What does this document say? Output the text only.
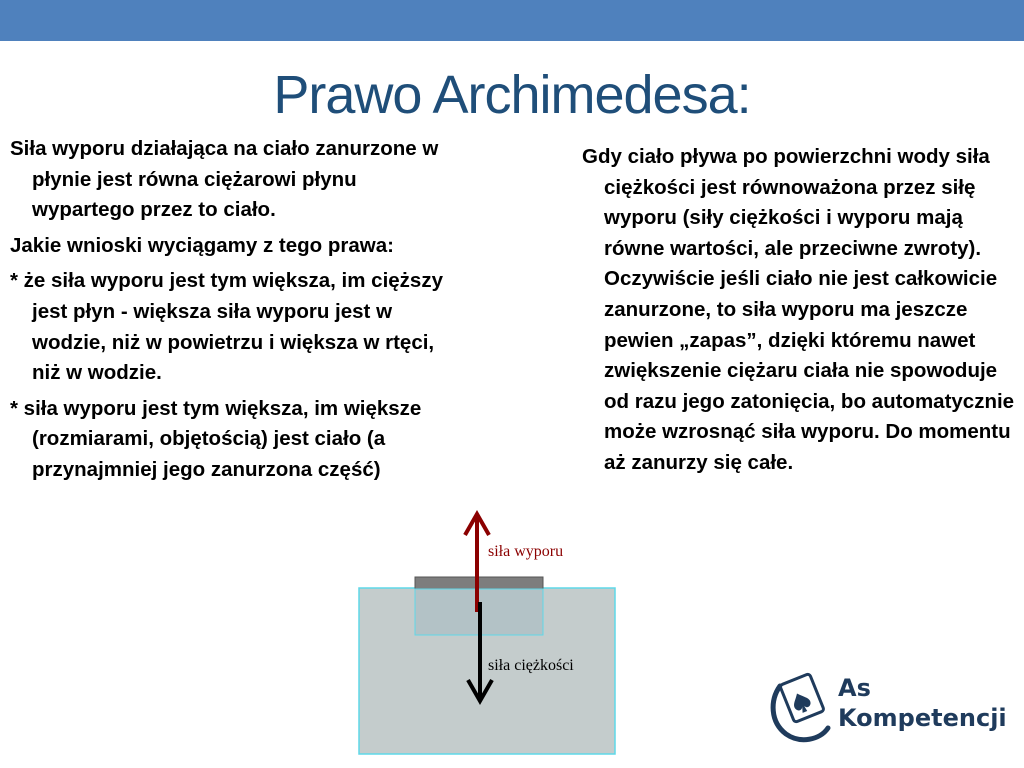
Prawo Archimedesa:

Siła wyporu działająca na ciało zanurzone w płynie jest równa ciężarowi płynu wypartego przez to ciało.

Jakie wnioski wyciągamy z tego prawa:

* że siła wyporu jest tym większa, im cięższy jest płyn - większa siła wyporu jest w wodzie, niż w powietrzu i większa w rtęci, niż w wodzie.

* siła wyporu jest tym większa, im większe (rozmiarami, objętością) jest ciało (a przynajmniej jego zanurzona część)

Gdy ciało pływa po powierzchni wody siła ciężkości jest równoważona przez siłę wyporu (siły ciężkości i wyporu mają równe wartości, ale przeciwne zwroty). Oczywiście jeśli ciało nie jest całkowicie zanurzone, to siła wyporu ma jeszcze pewien „zapas”, dzięki któremu nawet zwiększenie ciężaru ciała nie spowoduje od razu jego zatonięcia, bo automatycznie może wzrosnąć siła wyporu. Do momentu aż zanurzy się całe.

siła wyporu
siła ciężkości
As
Kompetencji
